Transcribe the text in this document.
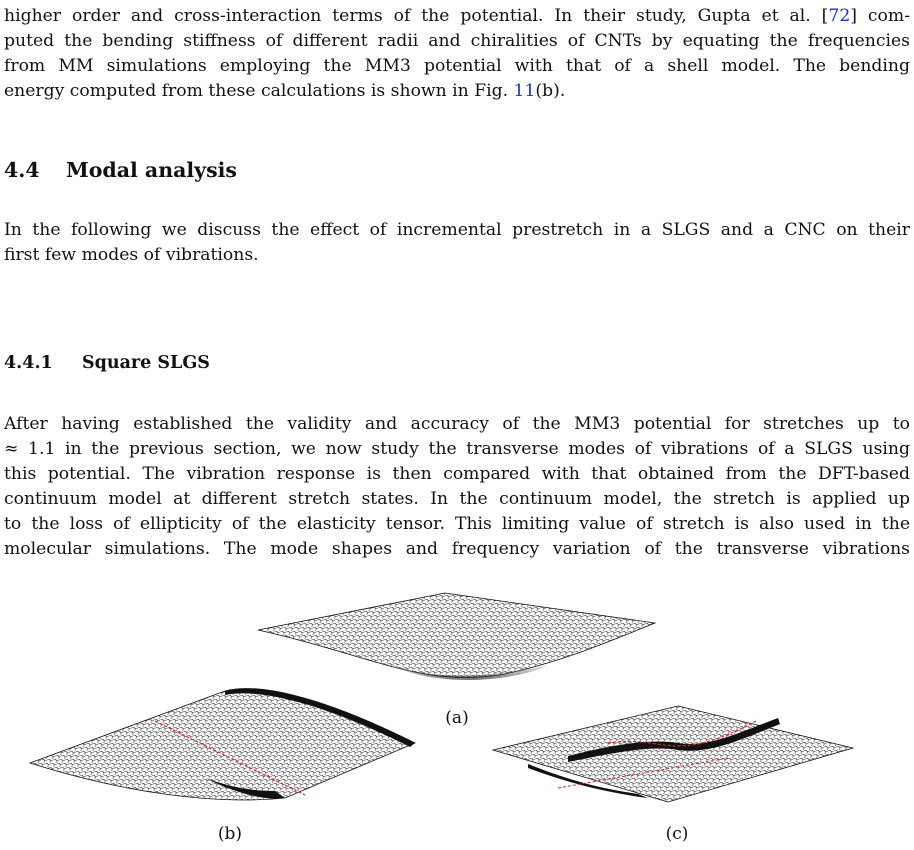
higher order and cross-interaction terms of the potential. In their study, Gupta et al. [72] com-
puted the bending stiffness of different radii and chiralities of CNTs by equating the frequencies
from MM simulations employing the MM3 potential with that of a shell model. The bending
energy computed from these calculations is shown in Fig. 11(b).
4.4 Modal analysis
In the following we discuss the effect of incremental prestretch in a SLGS and a CNC on their
first few modes of vibrations.
4.4.1 Square SLGS
After having established the validity and accuracy of the MM3 potential for stretches up to
≈ 1.1 in the previous section, we now study the transverse modes of vibrations of a SLGS using
this potential. The vibration response is then compared with that obtained from the DFT-based
continuum model at different stretch states. In the continuum model, the stretch is applied up
to the loss of ellipticity of the elasticity tensor. This limiting value of stretch is also used in the
molecular simulations. The mode shapes and frequency variation of the transverse vibrations
(a)
(b)	(c)
